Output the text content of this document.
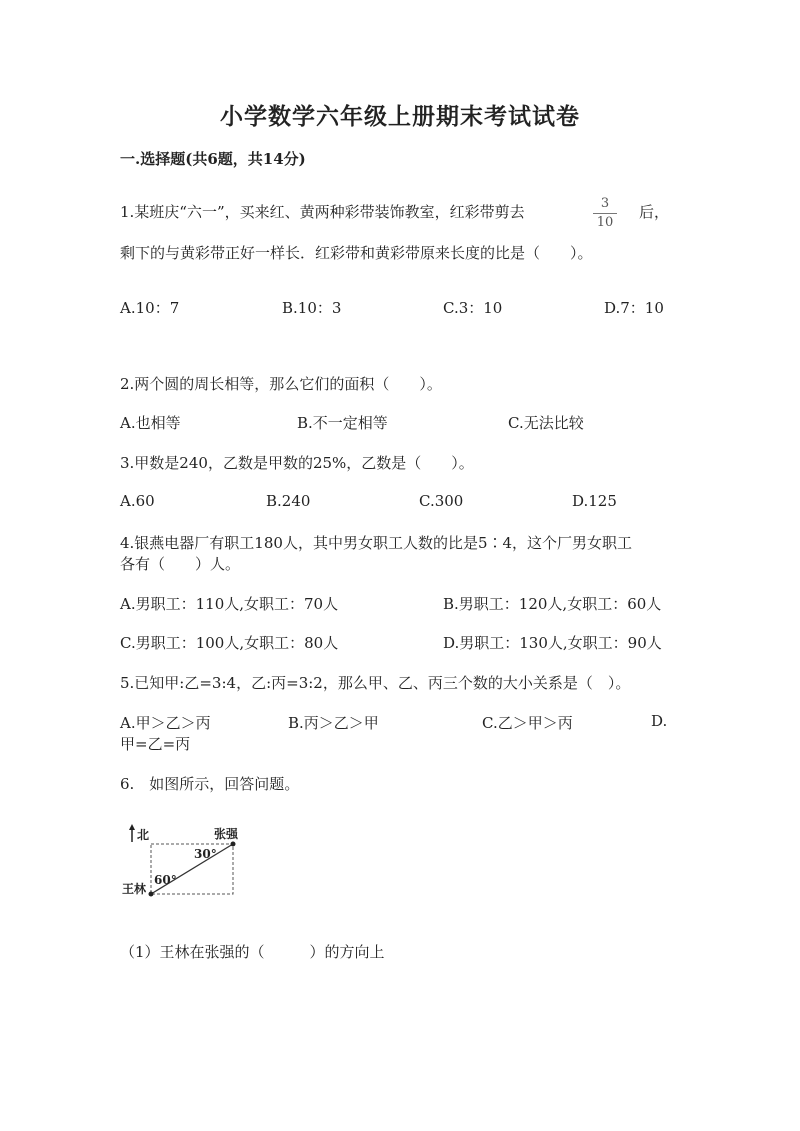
小学数学六年级上册期末考试试卷
一.选择题(共6题，共14分)
1.某班庆“六一”，买来红、黄两种彩带装饰教室，红彩带剪去	3
10
后，
剩下的与黄彩带正好一样长．红彩带和黄彩带原来长度的比是（　　）。
A.10：7	B.10：3	C.3：10	D.7：10
2.两个圆的周长相等，那么它们的面积（　　）。
A.也相等	B.不一定相等	C.无法比较
3.甲数是240，乙数是甲数的25%，乙数是（　　）。
A.60	B.240	C.300	D.125
4.银燕电器厂有职工180人，其中男女职工人数的比是5∶4，这个厂男女职工
各有（　　）人。
A.男职工：110人,女职工：70人	B.男职工：120人,女职工：60人
C.男职工：100人,女职工：80人	D.男职工：130人,女职工：90人
5.已知甲:乙=3:4，乙:丙=3:2，那么甲、乙、丙三个数的大小关系是（　）。
A.甲＞乙＞丙	B.丙＞乙＞甲	C.乙＞甲＞丙	D.
甲=乙=丙
6.　如图所示，回答问题。
北	张强
王林
30°
60°
（1）王林在张强的（　　　）的方向上
